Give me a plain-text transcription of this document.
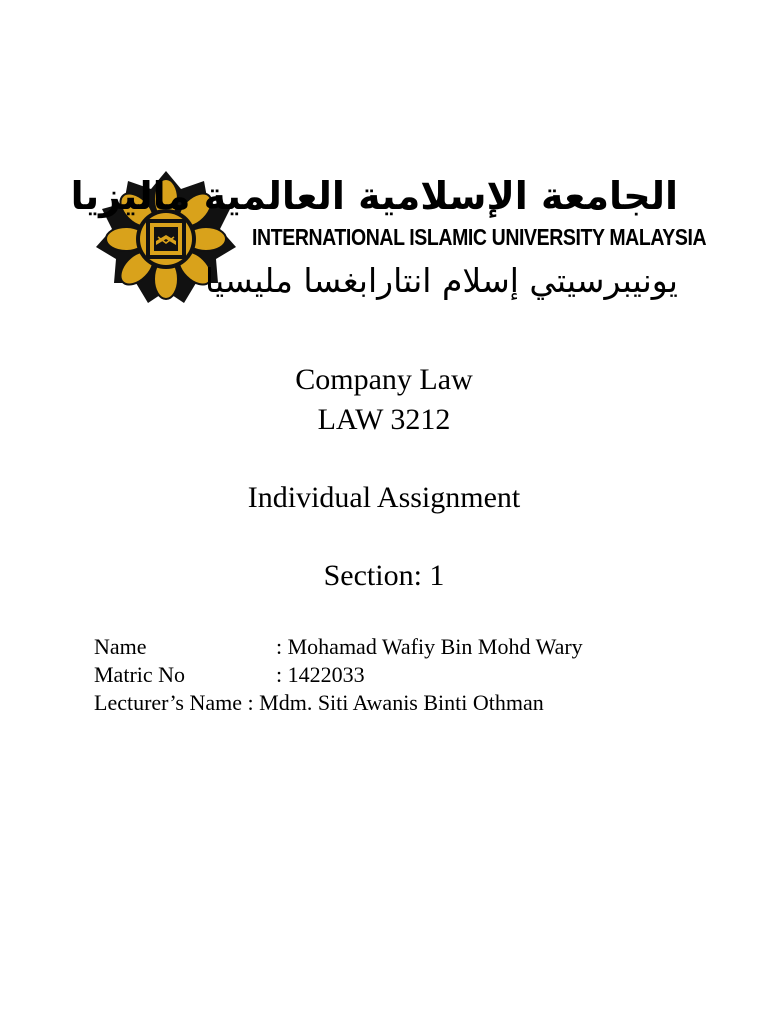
الجامعة الإسلامية العالمية ماليزيا
INTERNATIONAL ISLAMIC UNIVERSITY MALAYSIA
يونيبرسيتي إسلام انتارابغسا مليسيا
Company Law
LAW 3212
Individual Assignment
Section: 1
Name	: Mohamad Wafiy Bin Mohd Wary
Matric No	: 1422033
Lecturer’s Name : Mdm. Siti Awanis Binti Othman
